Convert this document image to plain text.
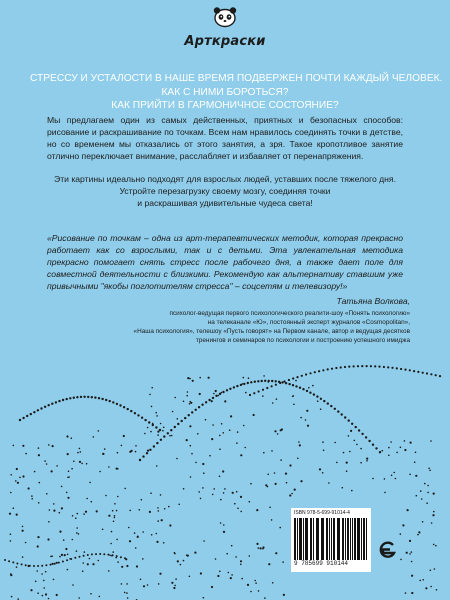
Арткраски
СТРЕССУ И УСТАЛОСТИ В НАШЕ ВРЕМЯ ПОДВЕРЖЕН ПОЧТИ КАЖДЫЙ ЧЕЛОВЕК.
КАК С НИМИ БОРОТЬСЯ?
КАК ПРИЙТИ В ГАРМОНИЧНОЕ СОСТОЯНИЕ?
Мы предлагаем один из самых действенных, приятных и безопасных способов: рисование и раскрашивание по точкам. Всем нам нравилось соединять точки в детстве, но со временем мы отказались от этого занятия, а зря. Такое кропотливое занятие отлично переключает внимание, расслабляет и избавляет от перенапряжения.
Эти картины идеально подходят для взрослых людей, уставших после тяжелого дня.
Устройте перезагрузку своему мозгу, соединяя точки
и раскрашивая удивительные чудеса света!
«Рисование по точкам – одна из арт-терапевтических методик, которая прекрасно работает как со взрослыми, так и с детьми. Эта увлекательная методика прекрасно помогает снять стресс после рабочего дня, а также дает поле для совместной деятельности с близкими. Рекомендую как альтернативу ставшим уже привычными "якобы поглотителям стресса" – соцсетям и телевизору!»
Татьяна Волкова,
психолог-ведущая первого психологического реалити-шоу «Понять психологию»
на телеканале «Ю», постоянный эксперт журналов «Cosmopolitan»,
«Наша психология», телешоу «Пусть говорят» на Первом канале, автор и ведущая десятков
тренингов и семинаров по психологии и построению успешного имиджа
ISBN 978-5-699-91014-4
9 785699 910144
